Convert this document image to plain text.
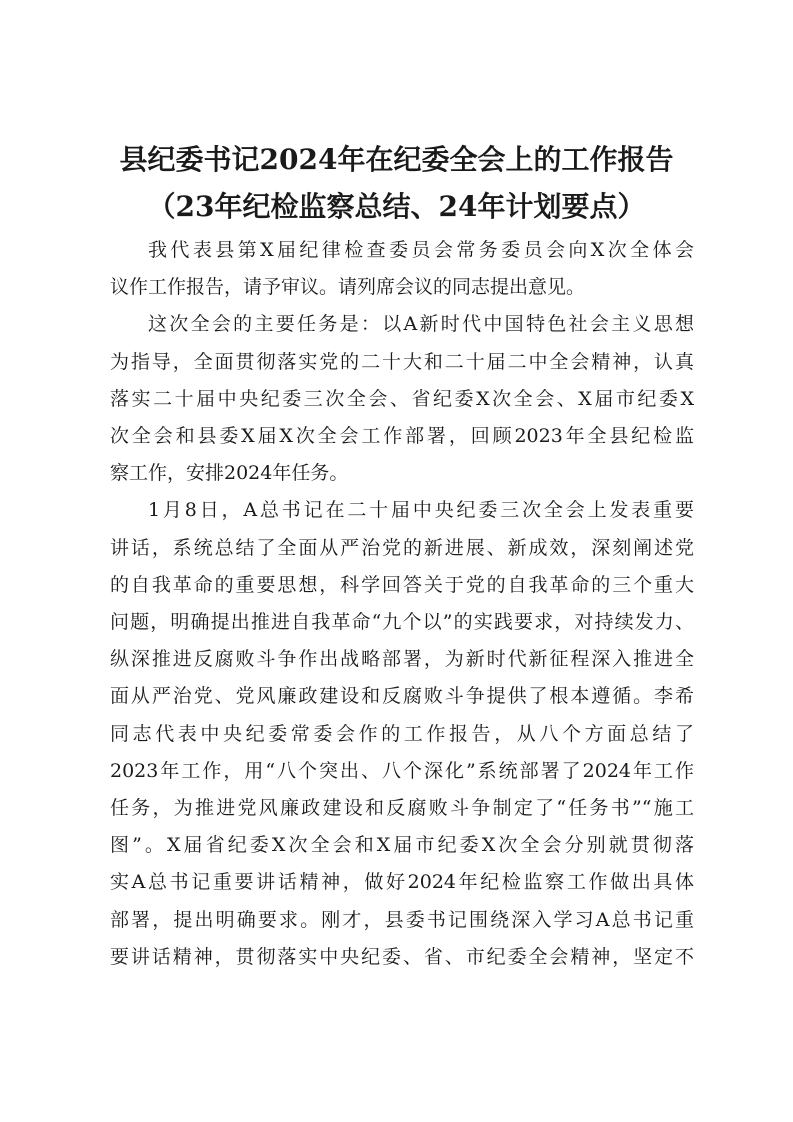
县纪委书记2024年在纪委全会上的工作报告
（23年纪检监察总结、24年计划要点）
我代表县第X届纪律检查委员会常务委员会向X次全体会
议作工作报告，请予审议。请列席会议的同志提出意见。
这次全会的主要任务是：以A新时代中国特色社会主义思想
为指导，全面贯彻落实党的二十大和二十届二中全会精神，认真
落实二十届中央纪委三次全会、省纪委X次全会、X届市纪委X
次全会和县委X届X次全会工作部署，回顾2023年全县纪检监
察工作，安排2024年任务。
1月8日，A总书记在二十届中央纪委三次全会上发表重要
讲话，系统总结了全面从严治党的新进展、新成效，深刻阐述党
的自我革命的重要思想，科学回答关于党的自我革命的三个重大
问题，明确提出推进自我革命“九个以”的实践要求，对持续发力、
纵深推进反腐败斗争作出战略部署，为新时代新征程深入推进全
面从严治党、党风廉政建设和反腐败斗争提供了根本遵循。李希
同志代表中央纪委常委会作的工作报告，从八个方面总结了
2023年工作，用“八个突出、八个深化”系统部署了2024年工作
任务，为推进党风廉政建设和反腐败斗争制定了“任务书”“施工
图”。X届省纪委X次全会和X届市纪委X次全会分别就贯彻落
实A总书记重要讲话精神，做好2024年纪检监察工作做出具体
部署，提出明确要求。刚才，县委书记围绕深入学习A总书记重
要讲话精神，贯彻落实中央纪委、省、市纪委全会精神，坚定不
